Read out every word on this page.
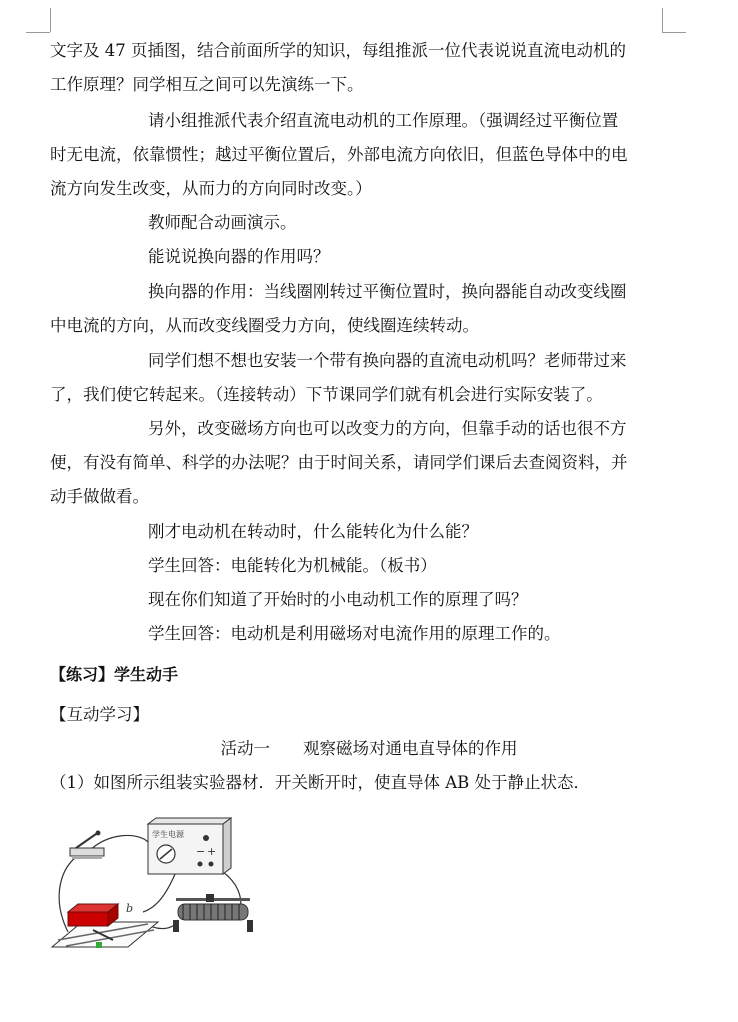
文字及 47 页插图，结合前面所学的知识，每组推派一位代表说说直流电动机的
工作原理？同学相互之间可以先演练一下。
请小组推派代表介绍直流电动机的工作原理。（强调经过平衡位置
时无电流，依靠惯性；越过平衡位置后，外部电流方向依旧，但蓝色导体中的电
流方向发生改变，从而力的方向同时改变。）
教师配合动画演示。
能说说换向器的作用吗？
换向器的作用：当线圈刚转过平衡位置时，换向器能自动改变线圈
中电流的方向，从而改变线圈受力方向，使线圈连续转动。
同学们想不想也安装一个带有换向器的直流电动机吗？老师带过来
了，我们使它转起来。（连接转动）下节课同学们就有机会进行实际安装了。
另外，改变磁场方向也可以改变力的方向，但靠手动的话也很不方
便，有没有简单、科学的办法呢？由于时间关系，请同学们课后去查阅资料，并
动手做做看。
刚才电动机在转动时，什么能转化为什么能？
学生回答：电能转化为机械能。（板书）
现在你们知道了开始时的小电动机工作的原理了吗？
学生回答：电动机是利用磁场对电流作用的原理工作的。
【练习】学生动手
【互动学习】
活动一　　观察磁场对通电直导体的作用
（1）如图所示组装实验器材．开关断开时，使直导体 AB 处于静止状态．
学生电源
− +
b
